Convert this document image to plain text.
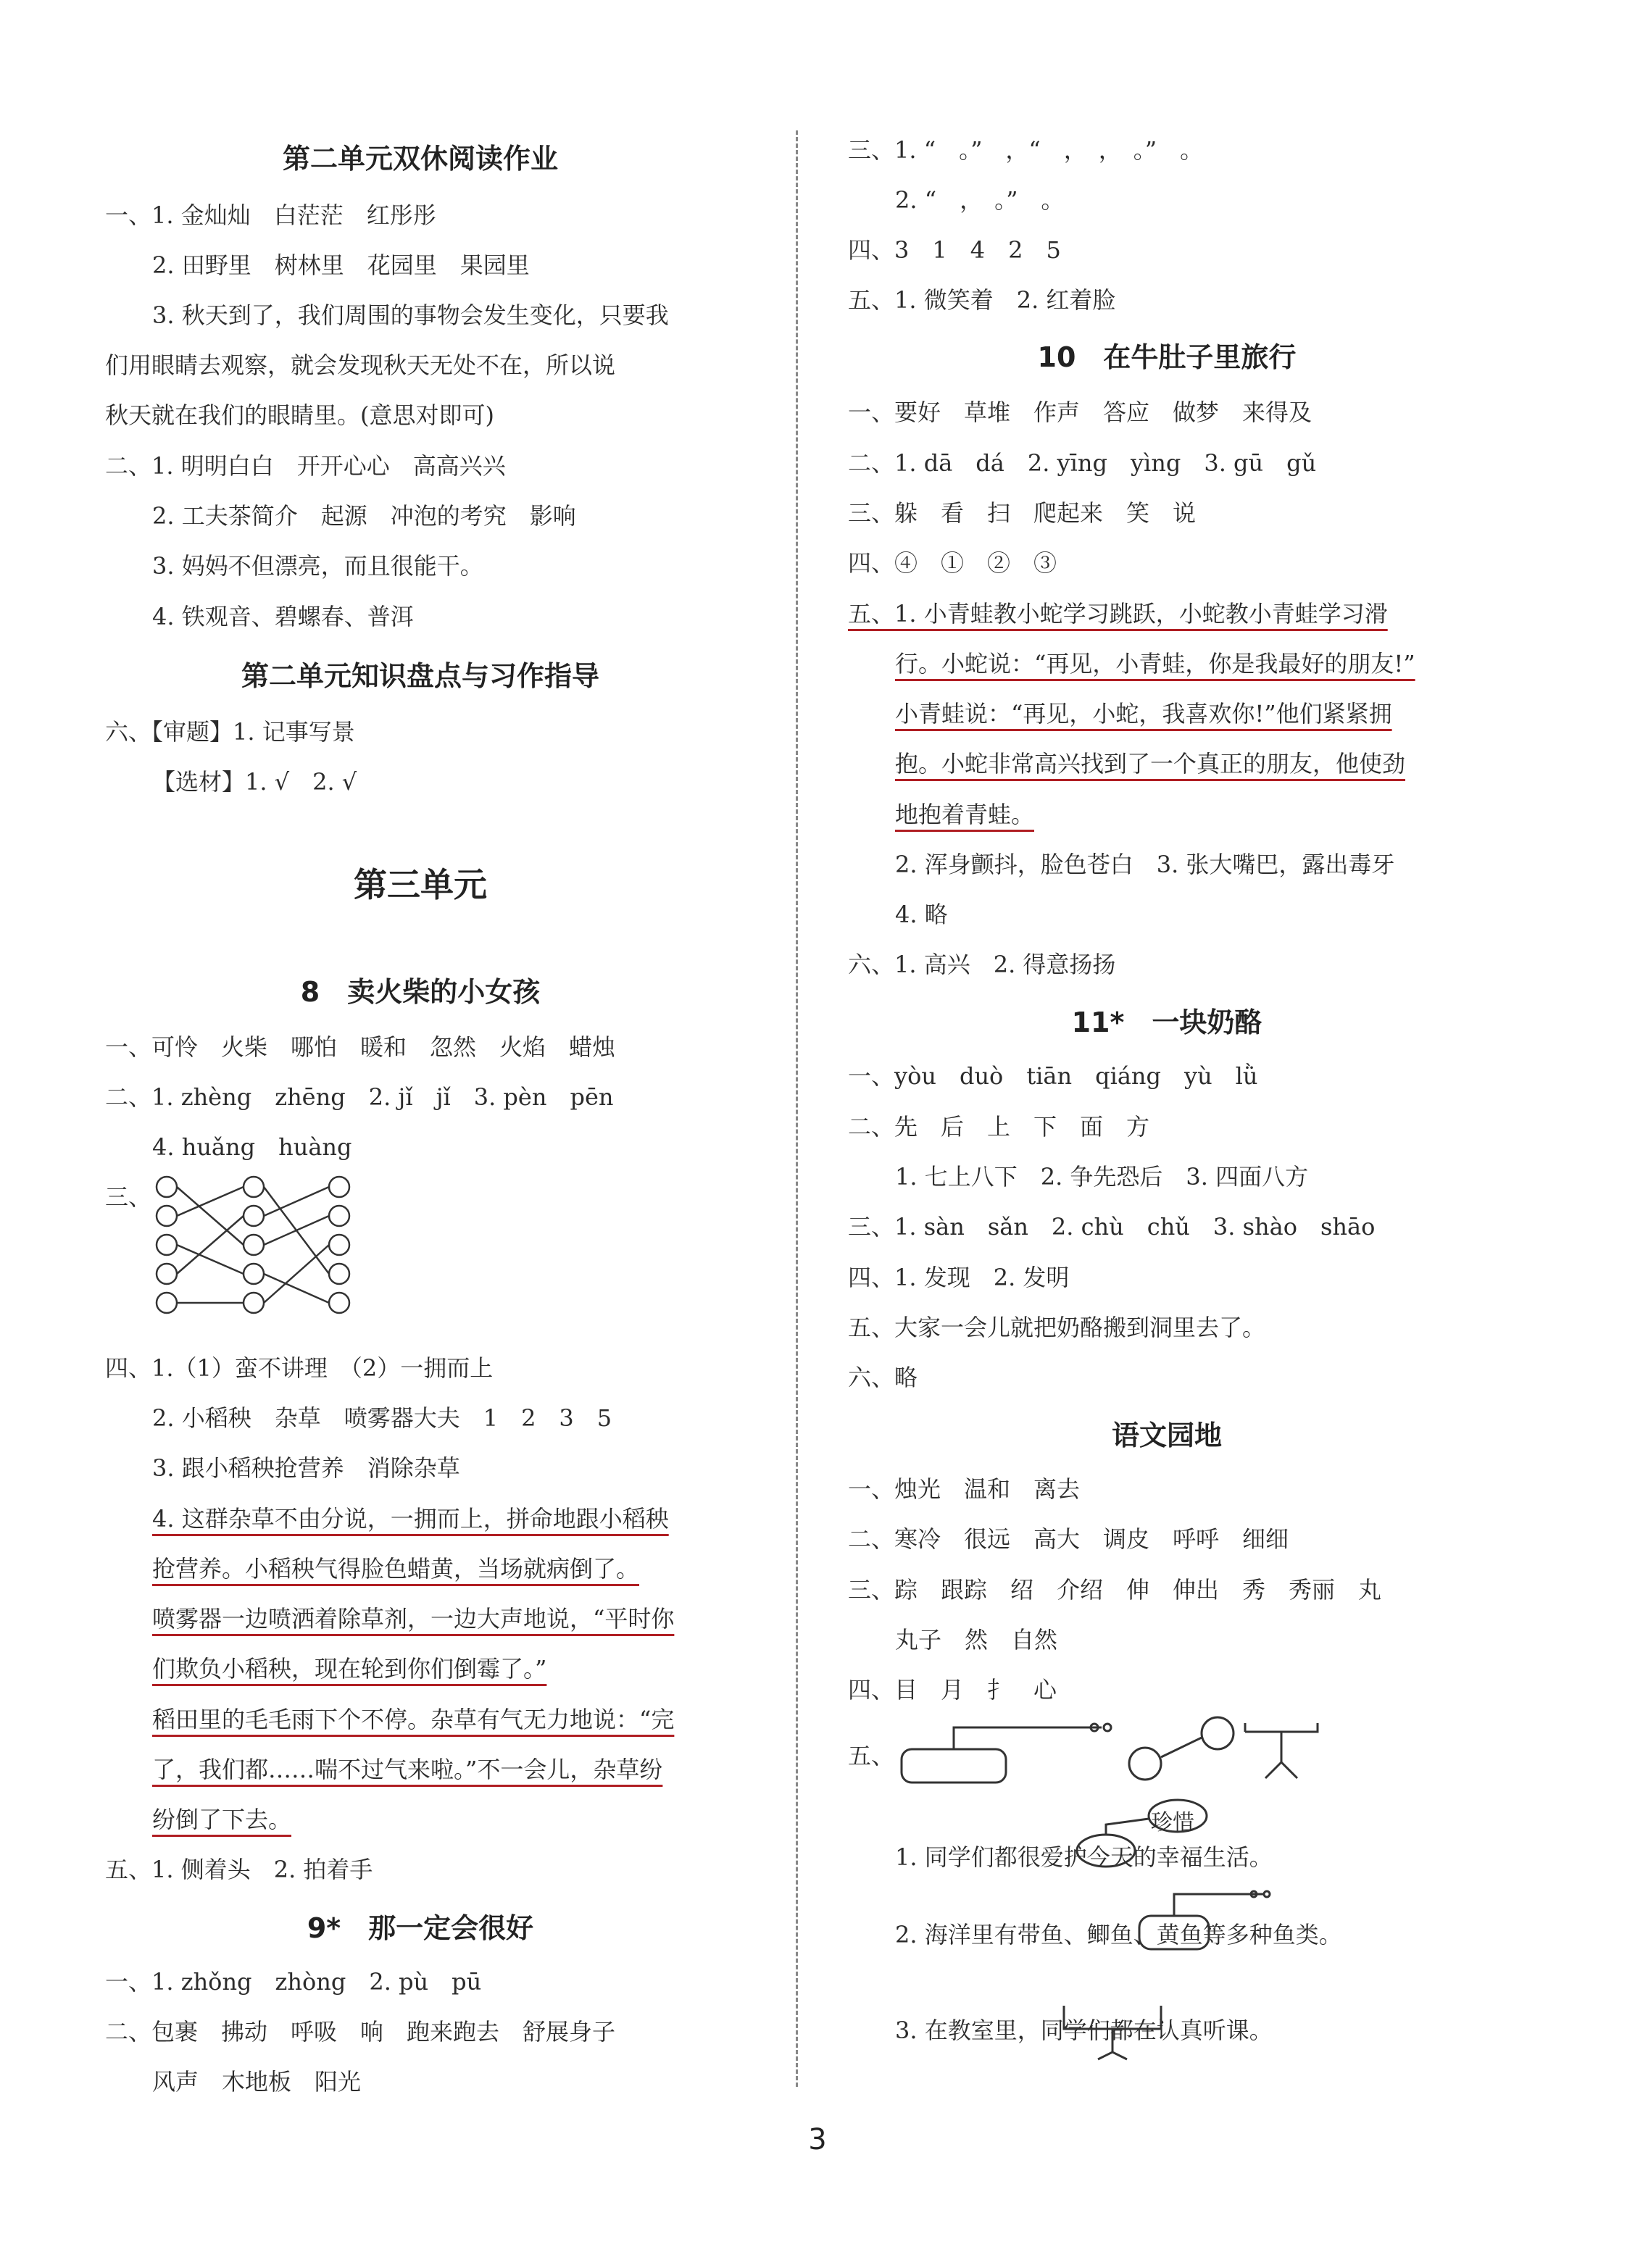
第二单元双休阅读作业
一、1. 金灿灿　白茫茫　红彤彤
2. 田野里　树林里　花园里　果园里
3. 秋天到了，我们周围的事物会发生变化，只要我
们用眼睛去观察，就会发现秋天无处不在，所以说
秋天就在我们的眼睛里。(意思对即可)
二、1. 明明白白　开开心心　高高兴兴
2. 工夫茶简介　起源　冲泡的考究　影响
3. 妈妈不但漂亮，而且很能干。
4. 铁观音、碧螺春、普洱
第二单元知识盘点与习作指导
六、【审题】1. 记事写景
【选材】1. √　2. √
第三单元
8　卖火柴的小女孩
一、可怜　火柴　哪怕　暖和　忽然　火焰　蜡烛
二、1. zhèng　zhēng　2. jǐ　jǐ　3. pèn　pēn
4. huǎng　huàng
三、
四、1.（1）蛮不讲理　（2）一拥而上
2. 小稻秧　杂草　喷雾器大夫　1　2　3　5
3. 跟小稻秧抢营养　消除杂草
4. 这群杂草不由分说，一拥而上，拼命地跟小稻秧
抢营养。小稻秧气得脸色蜡黄，当场就病倒了。
喷雾器一边喷洒着除草剂，一边大声地说，“平时你
们欺负小稻秧，现在轮到你们倒霉了。”
稻田里的毛毛雨下个不停。杂草有气无力地说：“完
了，我们都……喘不过气来啦。”不一会儿，杂草纷
纷倒了下去。
五、1. 侧着头　2. 拍着手
9*　那一定会很好
一、1. zhǒng　zhòng　2. pù　pū
二、包裹　拂动　呼吸　响　跑来跑去　舒展身子
风声　木地板　阳光
三、1. “　。”　，“　，　，　。”　。
2. “　，　。”　。
四、3　1　4　2　5
五、1. 微笑着　2. 红着脸
10　在牛肚子里旅行
一、要好　草堆　作声　答应　做梦　来得及
二、1. dā　dá　2. yīng　yìng　3. gū　gǔ
三、躲　看　扫　爬起来　笑　说
四、④　①　②　③
五、1. 小青蛙教小蛇学习跳跃，小蛇教小青蛙学习滑
行。小蛇说：“再见，小青蛙，你是我最好的朋友!”
小青蛙说：“再见，小蛇，我喜欢你!”他们紧紧拥
抱。小蛇非常高兴找到了一个真正的朋友，他使劲
地抱着青蛙。
2. 浑身颤抖，脸色苍白　3. 张大嘴巴，露出毒牙
4. 略
六、1. 高兴　2. 得意扬扬
11*　一块奶酪
一、yòu　duò　tiān　qiáng　yù　lǜ
二、先　后　上　下　面　方
1. 七上八下　2. 争先恐后　3. 四面八方
三、1. sàn　sǎn　2. chù　chǔ　3. shào　shāo
四、1. 发现　2. 发明
五、大家一会儿就把奶酪搬到洞里去了。
六、略
语文园地
一、烛光　温和　离去
二、寒冷　很远　高大　调皮　呼呼　细细
三、踪　跟踪　绍　介绍　伸　伸出　秀　秀丽　丸
丸子　然　自然
四、目　月　扌　心
五、
1. 同学们都很爱护今天的幸福生活。
珍惜
2. 海洋里有带鱼、鲫鱼、黄鱼等多种鱼类。
3. 在教室里，同学们都在认真听课。
3
